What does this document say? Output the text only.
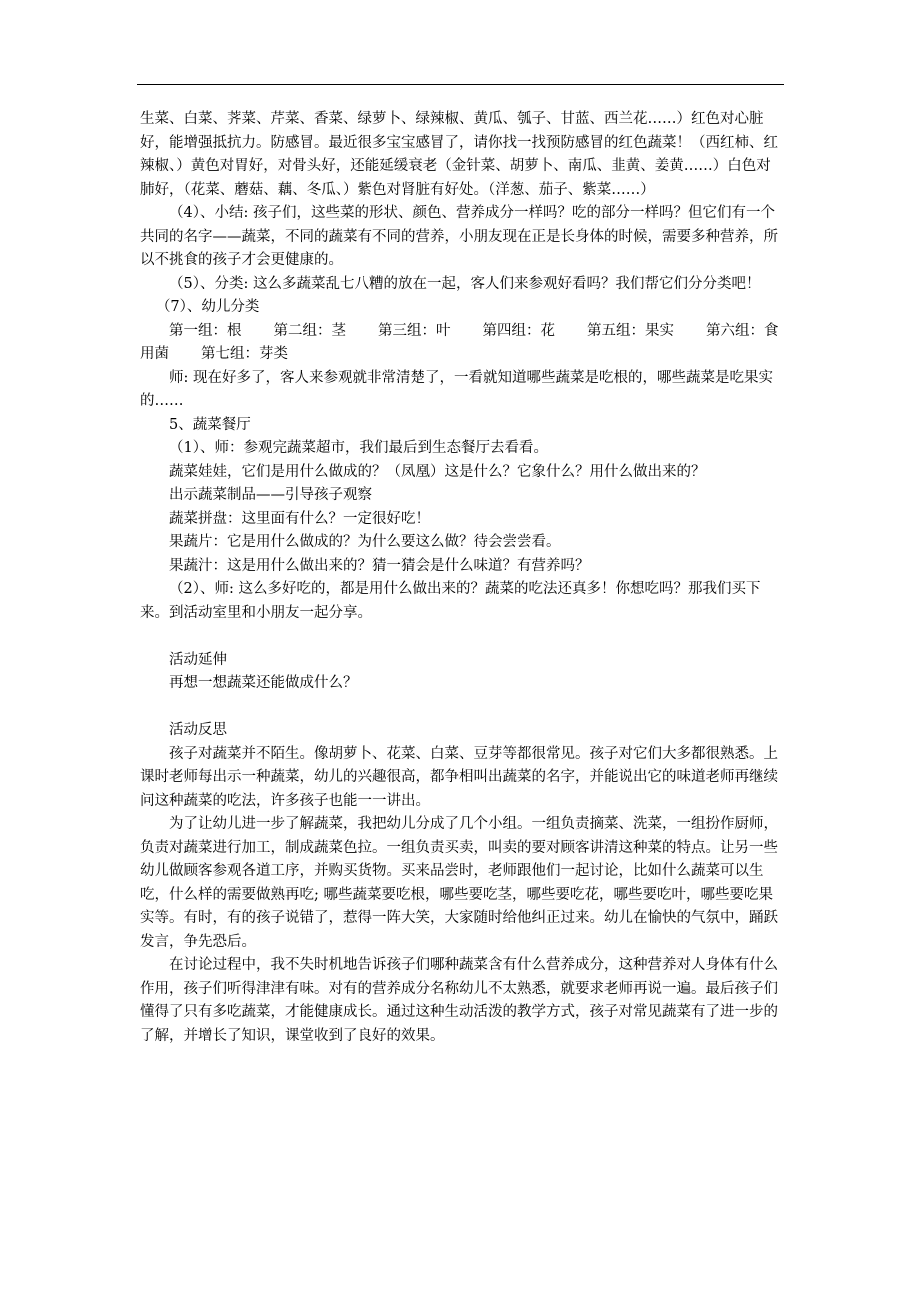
生菜、白菜、荠菜、芹菜、香菜、绿萝卜、绿辣椒、黄瓜、瓠子、甘蓝、西兰花……）红色对心脏好，能增强抵抗力。防感冒。最近很多宝宝感冒了，请你找一找预防感冒的红色蔬菜！（西红柿、红辣椒、）黄色对胃好，对骨头好，还能延缓衰老（金针菜、胡萝卜、南瓜、韭黄、姜黄……）白色对肺好，（花菜、蘑菇、藕、冬瓜、）紫色对肾脏有好处。（洋葱、茄子、紫菜……）

（4）、小结: 孩子们，这些菜的形状、颜色、营养成分一样吗？吃的部分一样吗？但它们有一个共同的名字——蔬菜，不同的蔬菜有不同的营养，小朋友现在正是长身体的时候，需要多种营养，所以不挑食的孩子才会更健康的。

（5）、分类: 这么多蔬菜乱七八糟的放在一起，客人们来参观好看吗？我们帮它们分分类吧！

（7）、幼儿分类

第一组：根 第二组：茎 第三组：叶 第四组：花 第五组：果实 第六组：食用菌 第七组：芽类

师: 现在好多了，客人来参观就非常清楚了，一看就知道哪些蔬菜是吃根的，哪些蔬菜是吃果实的……

5、蔬菜餐厅

（1）、师：参观完蔬菜超市，我们最后到生态餐厅去看看。

蔬菜娃娃，它们是用什么做成的？（凤凰）这是什么？它象什么？用什么做出来的？

出示蔬菜制品——引导孩子观察

蔬菜拼盘：这里面有什么？一定很好吃！

果蔬片：它是用什么做成的？为什么要这么做？待会尝尝看。

果蔬汁：这是用什么做出来的？猜一猜会是什么味道？有营养吗？

（2）、师: 这么多好吃的，都是用什么做出来的？蔬菜的吃法还真多！你想吃吗？那我们买下来。到活动室里和小朋友一起分享。

活动延伸

再想一想蔬菜还能做成什么？

活动反思

孩子对蔬菜并不陌生。像胡萝卜、花菜、白菜、豆芽等都很常见。孩子对它们大多都很熟悉。上课时老师每出示一种蔬菜，幼儿的兴趣很高，都争相叫出蔬菜的名字，并能说出它的味道老师再继续问这种蔬菜的吃法，许多孩子也能一一讲出。

为了让幼儿进一步了解蔬菜，我把幼儿分成了几个小组。一组负责摘菜、洗菜，一组扮作厨师，负责对蔬菜进行加工，制成蔬菜色拉。一组负责买卖，叫卖的要对顾客讲清这种菜的特点。让另一些幼儿做顾客参观各道工序，并购买货物。买来品尝时，老师跟他们一起讨论，比如什么蔬菜可以生吃，什么样的需要做熟再吃; 哪些蔬菜要吃根，哪些要吃茎，哪些要吃花，哪些要吃叶，哪些要吃果实等。有时，有的孩子说错了，惹得一阵大笑，大家随时给他纠正过来。幼儿在愉快的气氛中，踊跃发言，争先恐后。

在讨论过程中，我不失时机地告诉孩子们哪种蔬菜含有什么营养成分，这种营养对人身体有什么作用，孩子们听得津津有味。对有的营养成分名称幼儿不太熟悉，就要求老师再说一遍。最后孩子们懂得了只有多吃蔬菜，才能健康成长。通过这种生动活泼的教学方式，孩子对常见蔬菜有了进一步的了解，并增长了知识，课堂收到了良好的效果。
